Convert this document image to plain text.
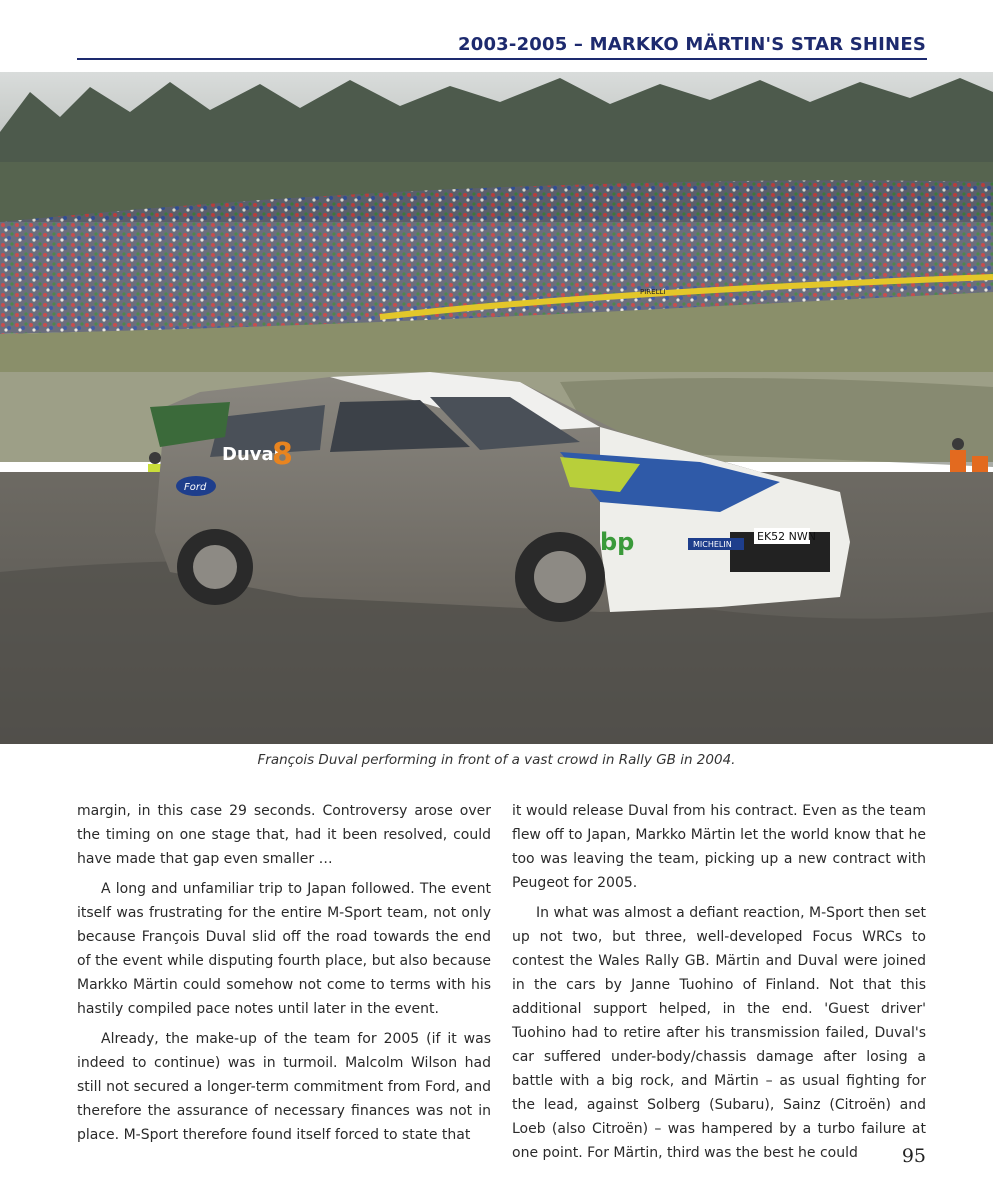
2003-2005 – MARKKO MÄRTIN'S STAR SHINES
PIRELLI
Duval
8
bp
Ford
MICHELIN
EK52 NWN
François Duval performing in front of a vast crowd in Rally GB in 2004.

margin, in this case 29 seconds. Controversy arose over the timing on one stage that, had it been resolved, could have made that gap even smaller …

A long and unfamiliar trip to Japan followed. The event itself was frustrating for the entire M-Sport team, not only because François Duval slid off the road towards the end of the event while disputing fourth place, but also because Markko Märtin could somehow not come to terms with his hastily compiled pace notes until later in the event.

Already, the make-up of the team for 2005 (if it was indeed to continue) was in turmoil. Malcolm Wilson had still not secured a longer-term commitment from Ford, and therefore the assurance of necessary finances was not in place. M-Sport therefore found itself forced to state that

it would release Duval from his contract. Even as the team flew off to Japan, Markko Märtin let the world know that he too was leaving the team, picking up a new contract with Peugeot for 2005.

In what was almost a defiant reaction, M-Sport then set up not two, but three, well-developed Focus WRCs to contest the Wales Rally GB. Märtin and Duval were joined in the cars by Janne Tuohino of Finland. Not that this additional support helped, in the end. 'Guest driver' Tuohino had to retire after his transmission failed, Duval's car suffered under-body/chassis damage after losing a battle with a big rock, and Märtin – as usual fighting for the lead, against Solberg (Subaru), Sainz (Citroën) and Loeb (also Citroën) – was hampered by a turbo failure at one point. For Märtin, third was the best he could	95
